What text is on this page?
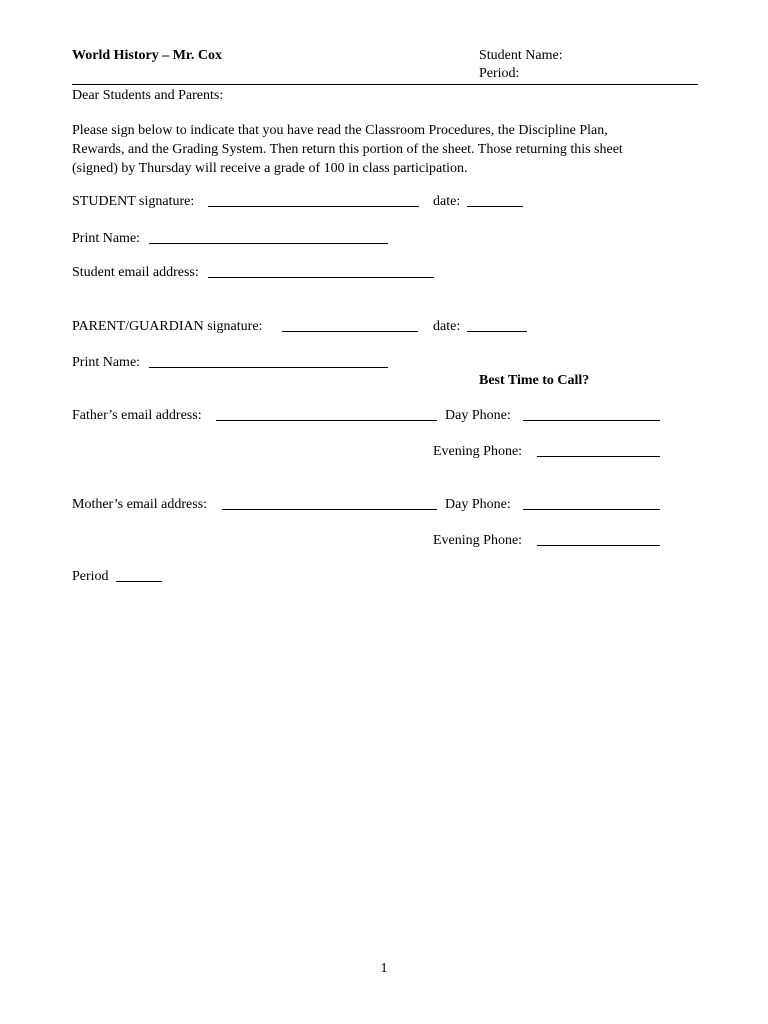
World History – Mr. Cox	Student Name:
Period:
Dear Students and Parents:
Please sign below to indicate that you have read the Classroom Procedures, the Discipline Plan,
Rewards, and the Grading System. Then return this portion of the sheet. Those returning this sheet
(signed) by Thursday will receive a grade of 100 in class participation.
STUDENT signature:	date:
Print Name:
Student email address:
PARENT/GUARDIAN signature:	date:
Print Name:
Best Time to Call?
Father’s email address:	Day Phone:
Evening Phone:
Mother’s email address:	Day Phone:
Evening Phone:
Period
1
